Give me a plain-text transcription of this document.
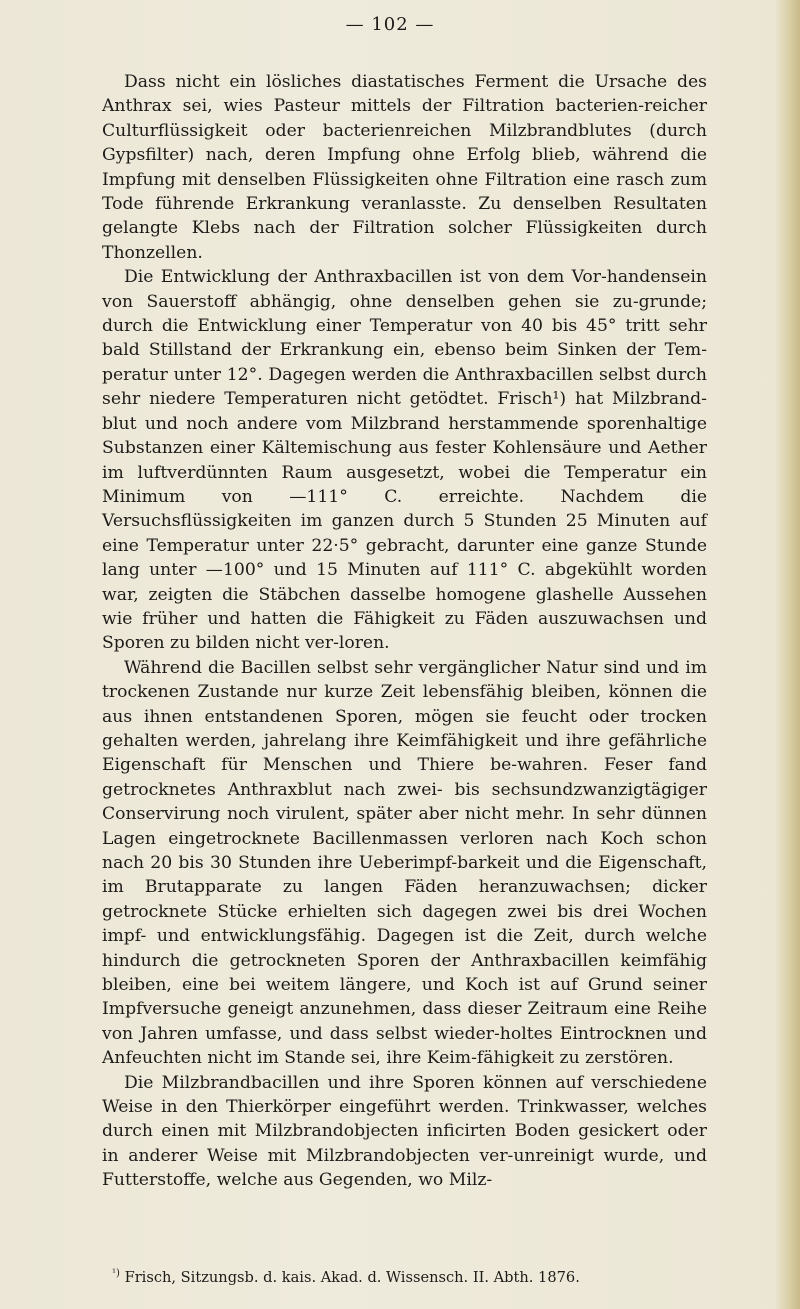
— 102 —

Dass nicht ein lösliches diastatisches Ferment die Ursache des Anthrax sei, wies Pasteur mittels der Filtration bacterien-reicher Culturflüssigkeit oder bacterienreichen Milzbrandblutes (durch Gypsfilter) nach, deren Impfung ohne Erfolg blieb, während die Impfung mit denselben Flüssigkeiten ohne Filtration eine rasch zum Tode führende Erkrankung veranlasste. Zu denselben Resultaten gelangte Klebs nach der Filtration solcher Flüssigkeiten durch Thonzellen.

Die Entwicklung der Anthraxbacillen ist von dem Vor-handensein von Sauerstoff abhängig, ohne denselben gehen sie zu-grunde; durch die Entwicklung einer Temperatur von 40 bis 45° tritt sehr bald Stillstand der Erkrankung ein, ebenso beim Sinken der Tem-peratur unter 12°. Dagegen werden die Anthraxbacillen selbst durch sehr niedere Temperaturen nicht getödtet. Frisch¹) hat Milzbrand-blut und noch andere vom Milzbrand herstammende sporenhaltige Substanzen einer Kältemischung aus fester Kohlensäure und Aether im luftverdünnten Raum ausgesetzt, wobei die Temperatur ein Minimum von —111° C. erreichte. Nachdem die Versuchsflüssigkeiten im ganzen durch 5 Stunden 25 Minuten auf eine Temperatur unter 22·5° gebracht, darunter eine ganze Stunde lang unter —100° und 15 Minuten auf 111° C. abgekühlt worden war, zeigten die Stäbchen dasselbe homogene glashelle Aussehen wie früher und hatten die Fähigkeit zu Fäden auszuwachsen und Sporen zu bilden nicht ver-loren.

Während die Bacillen selbst sehr vergänglicher Natur sind und im trockenen Zustande nur kurze Zeit lebensfähig bleiben, können die aus ihnen entstandenen Sporen, mögen sie feucht oder trocken gehalten werden, jahrelang ihre Keimfähigkeit und ihre gefährliche Eigenschaft für Menschen und Thiere be-wahren. Feser fand getrocknetes Anthraxblut nach zwei- bis sechsundzwanzigtägiger Conservirung noch virulent, später aber nicht mehr. In sehr dünnen Lagen eingetrocknete Bacillenmassen verloren nach Koch schon nach 20 bis 30 Stunden ihre Ueberimpf-barkeit und die Eigenschaft, im Brutapparate zu langen Fäden heranzuwachsen; dicker getrocknete Stücke erhielten sich dagegen zwei bis drei Wochen impf- und entwicklungsfähig. Dagegen ist die Zeit, durch welche hindurch die getrockneten Sporen der Anthraxbacillen keimfähig bleiben, eine bei weitem längere, und Koch ist auf Grund seiner Impfversuche geneigt anzunehmen, dass dieser Zeitraum eine Reihe von Jahren umfasse, und dass selbst wieder-holtes Eintrocknen und Anfeuchten nicht im Stande sei, ihre Keim-fähigkeit zu zerstören.

Die Milzbrandbacillen und ihre Sporen können auf verschiedene Weise in den Thierkörper eingeführt werden. Trinkwasser, welches durch einen mit Milzbrandobjecten inficirten Boden gesickert oder in anderer Weise mit Milzbrandobjecten ver-unreinigt wurde, und Futterstoffe, welche aus Gegenden, wo Milz-

$^{^1)}$ Frisch, Sitzungsb. d. kais. Akad. d. Wissensch. II. Abth. 1876.
